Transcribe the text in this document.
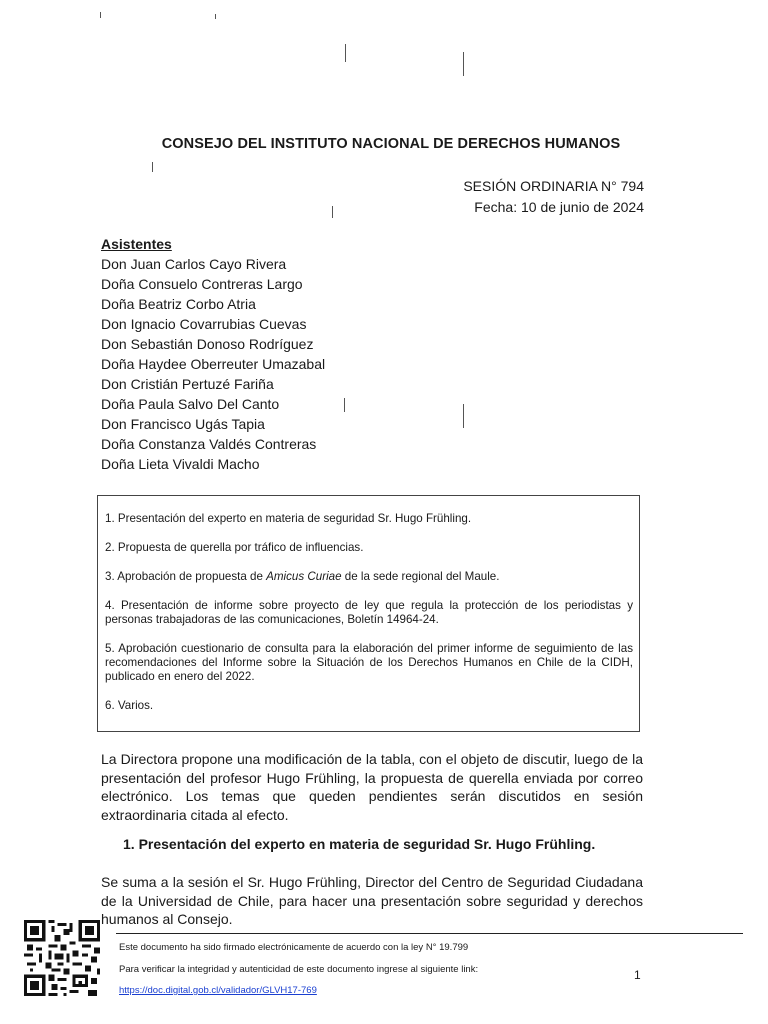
CONSEJO DEL INSTITUTO NACIONAL DE DERECHOS HUMANOS
SESIÓN ORDINARIA N° 794
Fecha: 10 de junio de 2024
Asistentes
Don Juan Carlos Cayo Rivera
Doña Consuelo Contreras Largo
Doña Beatriz Corbo Atria
Don Ignacio Covarrubias Cuevas
Don Sebastián Donoso Rodríguez
Doña Haydee Oberreuter Umazabal
Don Cristián Pertuzé Fariña
Doña Paula Salvo Del Canto
Don Francisco Ugás Tapia
Doña Constanza Valdés Contreras
Doña Lieta Vivaldi Macho
1. Presentación del experto en materia de seguridad Sr. Hugo Frühling.
2. Propuesta de querella por tráfico de influencias.
3. Aprobación de propuesta de Amicus Curiae de la sede regional del Maule.
4. Presentación de informe sobre proyecto de ley que regula la protección de los periodistas y personas trabajadoras de las comunicaciones, Boletín 14964-24.
5. Aprobación cuestionario de consulta para la elaboración del primer informe de seguimiento de las recomendaciones del Informe sobre la Situación de los Derechos Humanos en Chile de la CIDH, publicado en enero del 2022.
6. Varios.
La Directora propone una modificación de la tabla, con el objeto de discutir, luego de la presentación del profesor Hugo Frühling, la propuesta de querella enviada por correo electrónico. Los temas que queden pendientes serán discutidos en sesión extraordinaria citada al efecto.
1. Presentación del experto en materia de seguridad Sr. Hugo Frühling.
Se suma a la sesión el Sr. Hugo Frühling, Director del Centro de Seguridad Ciudadana de la Universidad de Chile, para hacer una presentación sobre seguridad y derechos humanos al Consejo.
Este documento ha sido firmado electrónicamente de acuerdo con la ley N° 19.799
Para verificar la integridad y autenticidad de este documento ingrese al siguiente link:
https://doc.digital.gob.cl/validador/GLVH17-769
1
